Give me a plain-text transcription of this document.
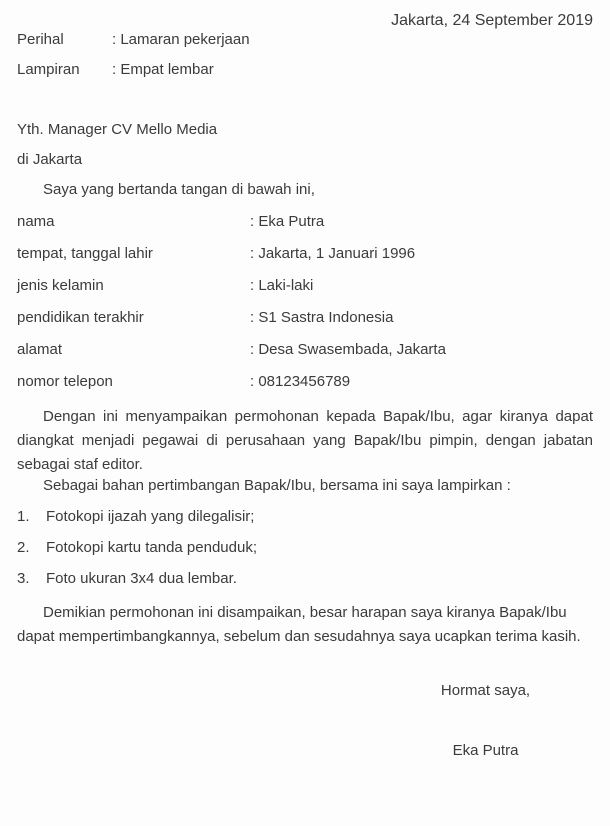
Jakarta, 24 September 2019
Perihal	: Lamaran pekerjaan
Lampiran	: Empat lembar
Yth. Manager CV Mello Media
di Jakarta

Saya yang bertanda tangan di bawah ini,

nama	: Eka Putra
tempat, tanggal lahir	: Jakarta, 1 Januari 1996
jenis kelamin	: Laki-laki
pendidikan terakhir	: S1 Sastra Indonesia
alamat	: Desa Swasembada, Jakarta
nomor telepon	: 08123456789

Dengan ini menyampaikan permohonan kepada Bapak/Ibu, agar kiranya dapat diangkat menjadi pegawai di perusahaan yang Bapak/Ibu pimpin, dengan jabatan sebagai staf editor.

Sebagai bahan pertimbangan Bapak/Ibu, bersama ini saya lampirkan :

1.	Fotokopi ijazah yang dilegalisir;
2.	Fotokopi kartu tanda penduduk;
3.	Foto ukuran 3x4 dua lembar.

Demikian permohonan ini disampaikan, besar harapan saya kiranya Bapak/Ibu dapat mempertimbangkannya, sebelum dan sesudahnya saya ucapkan terima kasih.

Hormat saya,
Eka Putra
